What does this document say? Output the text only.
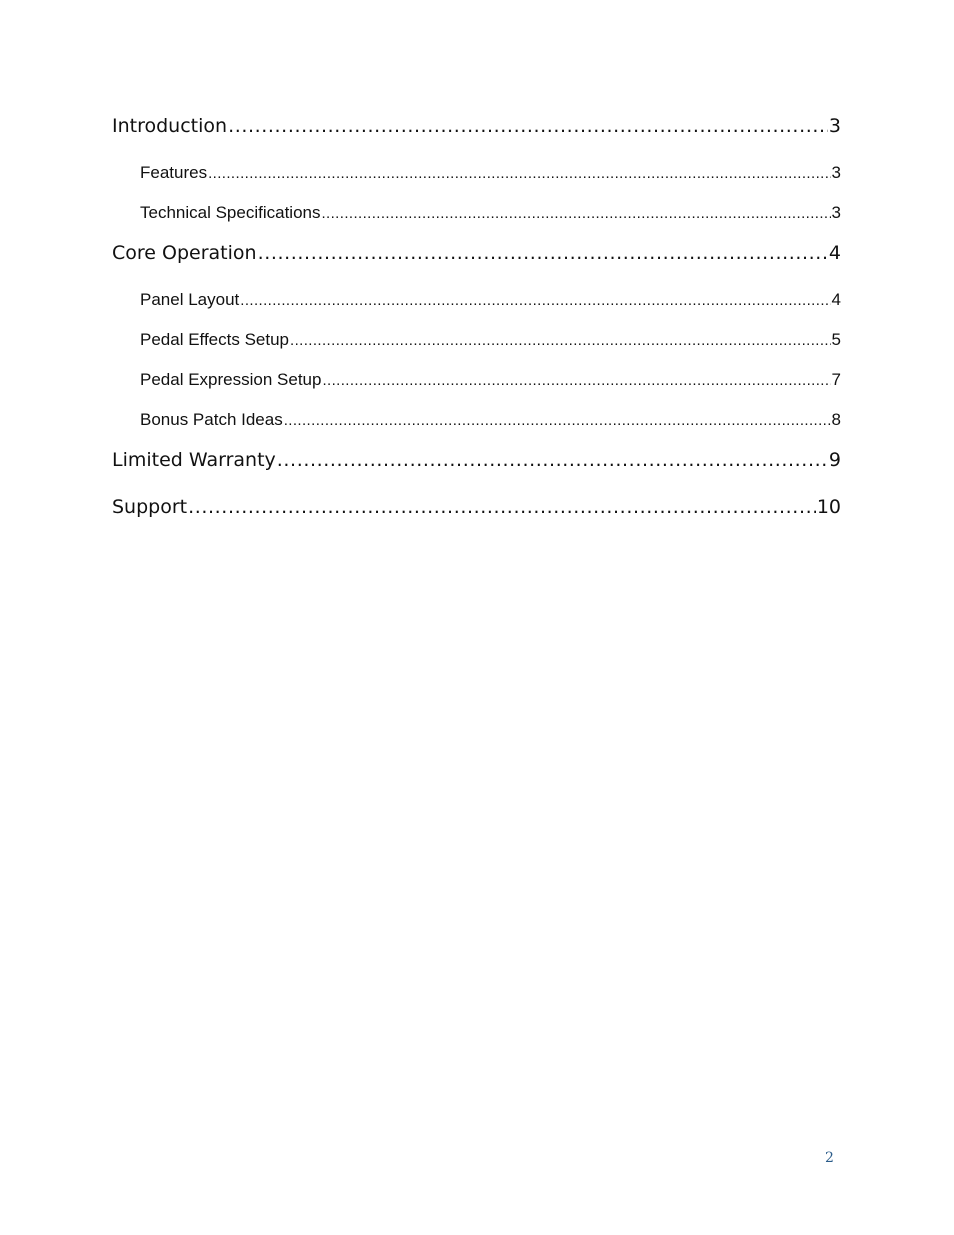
Introduction .....	3
Features .....	3
Technical Specifications .....	3
Core Operation .....	4
Panel Layout .....	4
Pedal Effects Setup .....	5
Pedal Expression Setup .....	7
Bonus Patch Ideas .....	8
Limited Warranty .....	9
Support .....	10
2
